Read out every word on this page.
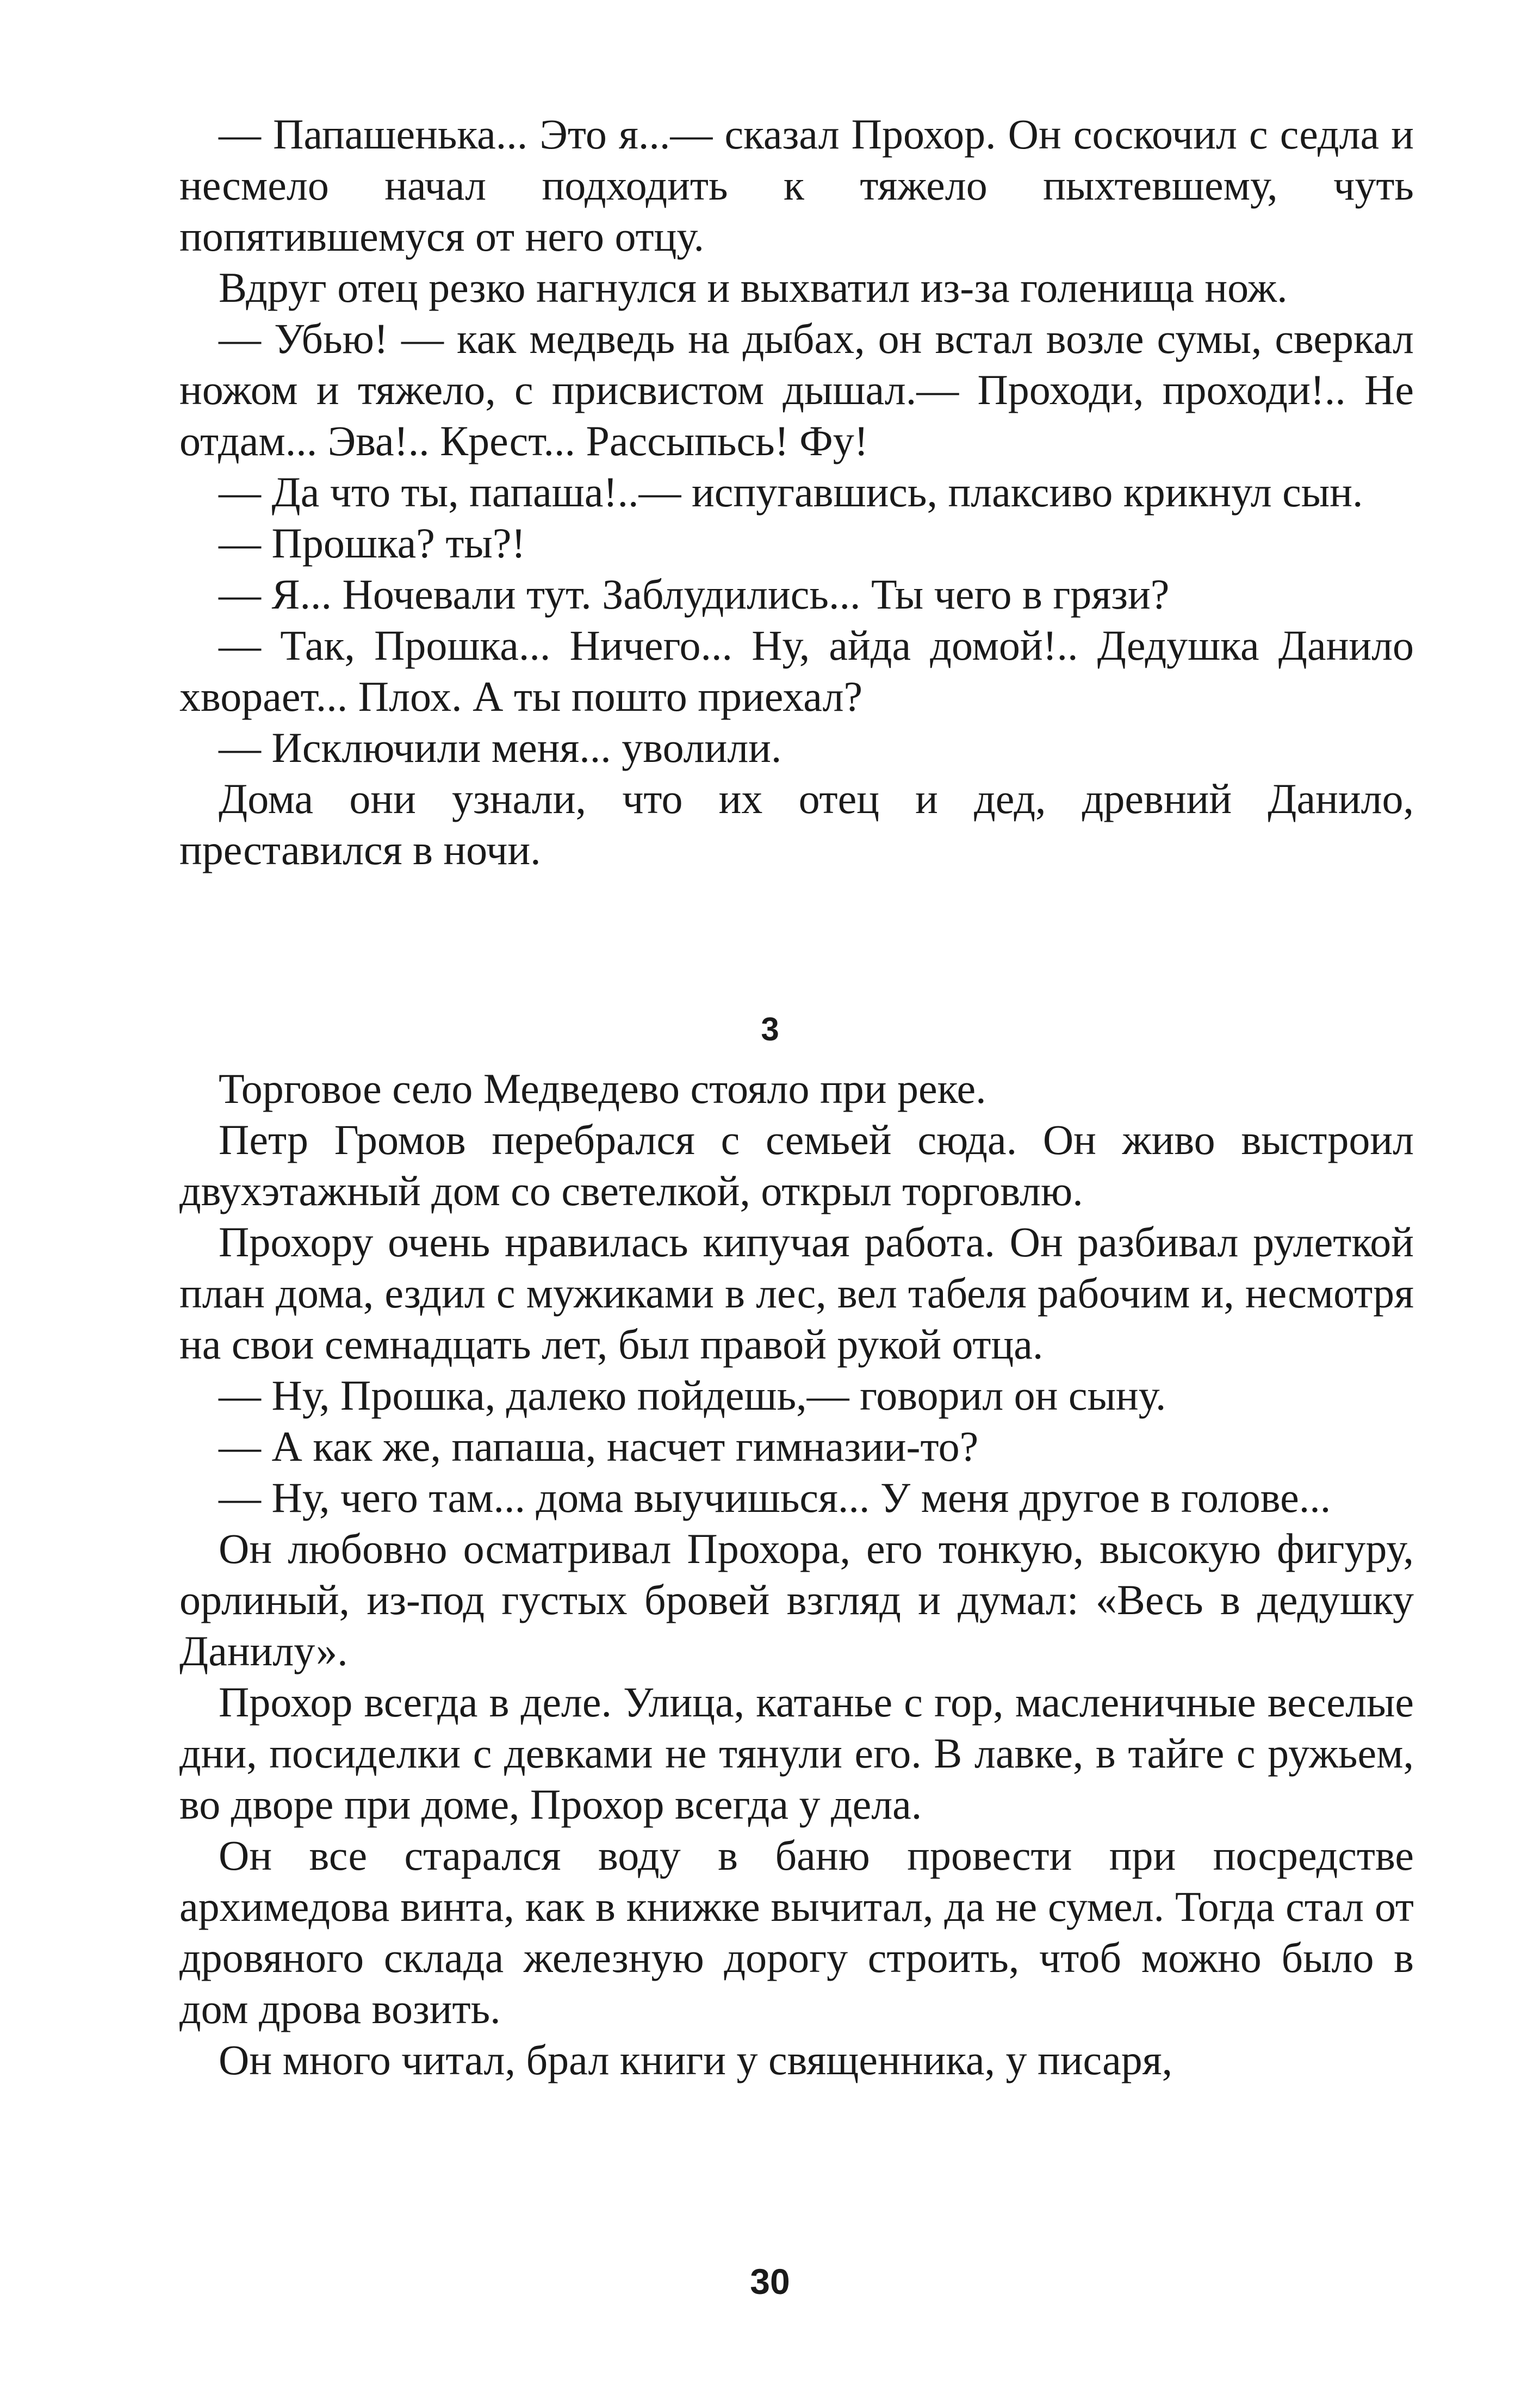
— Папашенька... Это я...— сказал Прохор. Он соскочил с седла и несмело начал подходить к тяжело пыхтевшему, чуть попятившемуся от него отцу.

Вдруг отец резко нагнулся и выхватил из-за голенища нож.

— Убью! — как медведь на дыбах, он встал возле сумы, сверкал ножом и тяжело, с присвистом дышал.— Проходи, проходи!.. Не отдам... Эва!.. Крест... Рассыпьсь! Фу!

— Да что ты, папаша!..— испугавшись, плаксиво крикнул сын.

— Прошка? ты?!

— Я... Ночевали тут. Заблудились... Ты чего в грязи?

— Так, Прошка... Ничего... Ну, айда домой!.. Дедушка Данило хворает... Плох. А ты пошто приехал?

— Исключили меня... уволили.

Дома они узнали, что их отец и дед, древний Данило, преставился в ночи.

3

Торговое село Медведево стояло при реке.

Петр Громов перебрался с семьей сюда. Он живо выстроил двухэтажный дом со светелкой, открыл торговлю.

Прохору очень нравилась кипучая работа. Он разбивал рулеткой план дома, ездил с мужиками в лес, вел табеля рабочим и, несмотря на свои семнадцать лет, был правой рукой отца.

— Ну, Прошка, далеко пойдешь,— говорил он сыну.

— А как же, папаша, насчет гимназии-то?

— Ну, чего там... дома выучишься... У меня другое в голове...

Он любовно осматривал Прохора, его тонкую, высокую фигуру, орлиный, из-под густых бровей взгляд и думал: «Весь в дедушку Данилу».

Прохор всегда в деле. Улица, катанье с гор, масленичные веселые дни, посиделки с девками не тянули его. В лавке, в тайге с ружьем, во дворе при доме, Прохор всегда у дела.

Он все старался воду в баню провести при посредстве архимедова винта, как в книжке вычитал, да не сумел. Тогда стал от дровяного склада железную дорогу строить, чтоб можно было в дом дрова возить.

Он много читал, брал книги у священника, у писаря,

30
